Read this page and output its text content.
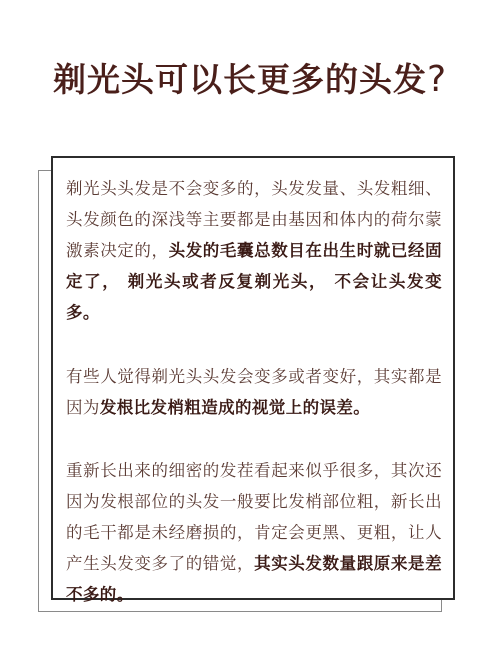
剃光头可以长更多的头发?

剃光头头发是不会变多的，头发发量、头发粗细、头发颜色的深浅等主要都是由基因和体内的荷尔蒙激素决定的，头发的毛囊总数目在出生时就已经固定了， 剃光头或者反复剃光头， 不会让头发变多。

有些人觉得剃光头头发会变多或者变好，其实都是因为发根比发梢粗造成的视觉上的误差。

重新长出来的细密的发茬看起来似乎很多，其次还因为发根部位的头发一般要比发梢部位粗，新长出的毛干都是未经磨损的，肯定会更黑、更粗，让人产生头发变多了的错觉，其实头发数量跟原来是差不多的。
